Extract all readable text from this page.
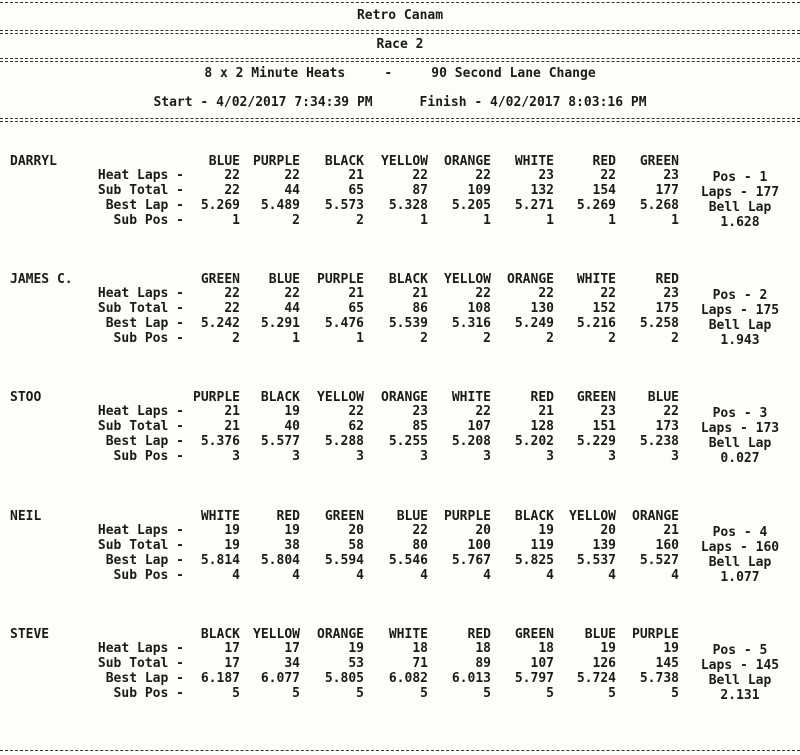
Retro Canam
Race 2
8 x 2 Minute Heats     -     90 Second Lane Change
Start - 4/02/2017 7:34:39 PM      Finish - 4/02/2017 8:03:16 PM
DARRYL	BLUE	PURPLE	BLACK	YELLOW	ORANGE	WHITE	RED	GREEN
Heat Laps -	22	22	21	22	22	23	22	23
Sub Total -	22	44	65	87	109	132	154	177
Best Lap -	5.269	5.489	5.573	5.328	5.205	5.271	5.269	5.268
Sub Pos -	1	2	2	1	1	1	1	1
Pos - 1
Laps - 177
Bell Lap
1.628
JAMES C.	GREEN	BLUE	PURPLE	BLACK	YELLOW	ORANGE	WHITE	RED
Heat Laps -	22	22	21	21	22	22	22	23
Sub Total -	22	44	65	86	108	130	152	175
Best Lap -	5.242	5.291	5.476	5.539	5.316	5.249	5.216	5.258
Sub Pos -	2	1	1	2	2	2	2	2
Pos - 2
Laps - 175
Bell Lap
1.943
STOO	PURPLE	BLACK	YELLOW	ORANGE	WHITE	RED	GREEN	BLUE
Heat Laps -	21	19	22	23	22	21	23	22
Sub Total -	21	40	62	85	107	128	151	173
Best Lap -	5.376	5.577	5.288	5.255	5.208	5.202	5.229	5.238
Sub Pos -	3	3	3	3	3	3	3	3
Pos - 3
Laps - 173
Bell Lap
0.027
NEIL	WHITE	RED	GREEN	BLUE	PURPLE	BLACK	YELLOW	ORANGE
Heat Laps -	19	19	20	22	20	19	20	21
Sub Total -	19	38	58	80	100	119	139	160
Best Lap -	5.814	5.804	5.594	5.546	5.767	5.825	5.537	5.527
Sub Pos -	4	4	4	4	4	4	4	4
Pos - 4
Laps - 160
Bell Lap
1.077
STEVE	BLACK	YELLOW	ORANGE	WHITE	RED	GREEN	BLUE	PURPLE
Heat Laps -	17	17	19	18	18	18	19	19
Sub Total -	17	34	53	71	89	107	126	145
Best Lap -	6.187	6.077	5.805	6.082	6.013	5.797	5.724	5.738
Sub Pos -	5	5	5	5	5	5	5	5
Pos - 5
Laps - 145
Bell Lap
2.131
